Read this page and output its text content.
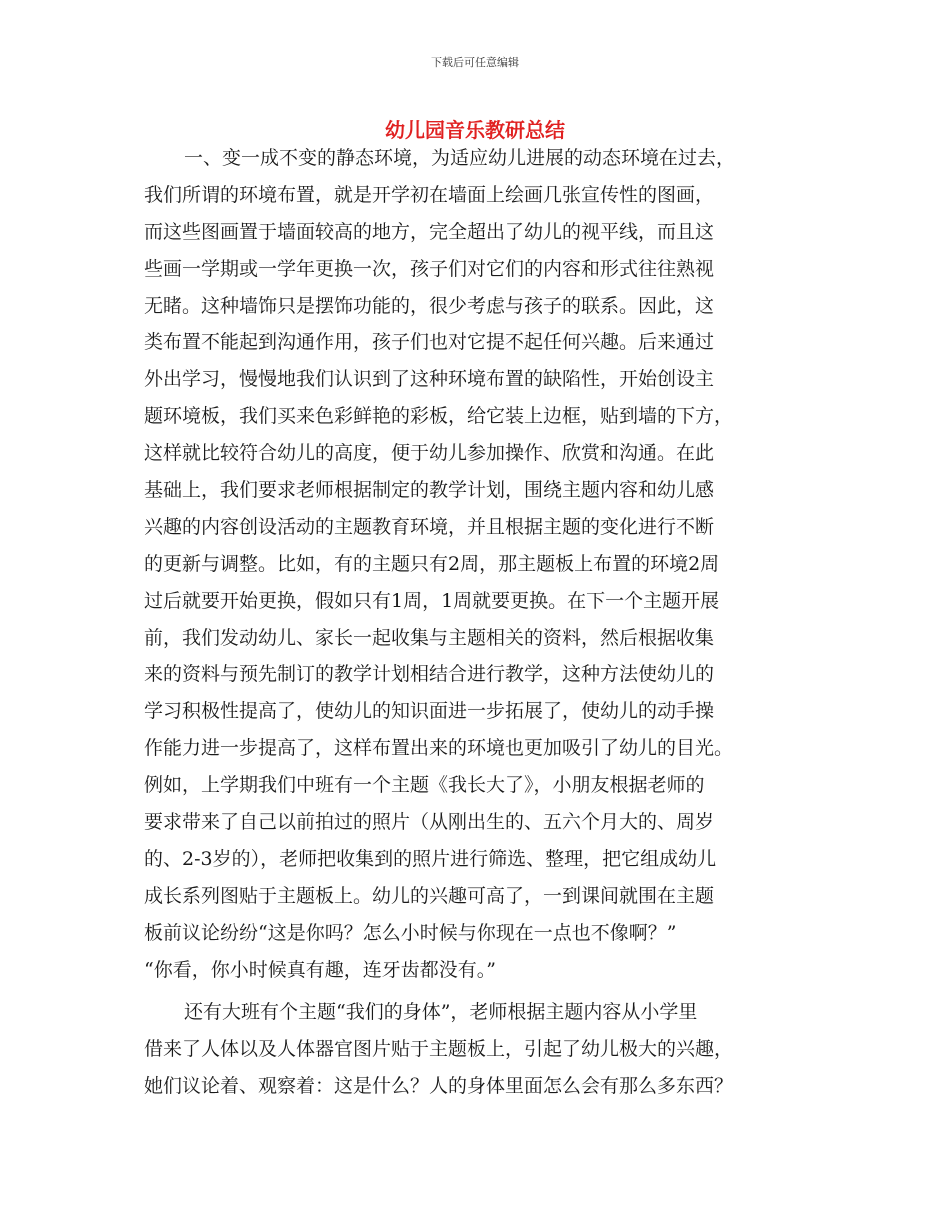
下载后可任意编辑
幼儿园音乐教研总结
一、变一成不变的静态环境，为适应幼儿进展的动态环境在过去，
我们所谓的环境布置，就是开学初在墙面上绘画几张宣传性的图画，
而这些图画置于墙面较高的地方，完全超出了幼儿的视平线，而且这
些画一学期或一学年更换一次，孩子们对它们的内容和形式往往熟视
无睹。这种墙饰只是摆饰功能的，很少考虑与孩子的联系。因此，这
类布置不能起到沟通作用，孩子们也对它提不起任何兴趣。后来通过
外出学习，慢慢地我们认识到了这种环境布置的缺陷性，开始创设主
题环境板，我们买来色彩鲜艳的彩板，给它装上边框，贴到墙的下方，
这样就比较符合幼儿的高度，便于幼儿参加操作、欣赏和沟通。在此
基础上，我们要求老师根据制定的教学计划，围绕主题内容和幼儿感
兴趣的内容创设活动的主题教育环境，并且根据主题的变化进行不断
的更新与调整。比如，有的主题只有2周，那主题板上布置的环境2周
过后就要开始更换，假如只有1周，1周就要更换。在下一个主题开展
前，我们发动幼儿、家长一起收集与主题相关的资料，然后根据收集
来的资料与预先制订的教学计划相结合进行教学，这种方法使幼儿的
学习积极性提高了，使幼儿的知识面进一步拓展了，使幼儿的动手操
作能力进一步提高了，这样布置出来的环境也更加吸引了幼儿的目光。
例如，上学期我们中班有一个主题《我长大了》，小朋友根据老师的
要求带来了自己以前拍过的照片（从刚出生的、五六个月大的、周岁
的、2-3岁的），老师把收集到的照片进行筛选、整理，把它组成幼儿
成长系列图贴于主题板上。幼儿的兴趣可高了，一到课间就围在主题
板前议论纷纷“这是你吗？怎么小时候与你现在一点也不像啊？”
“你看，你小时候真有趣，连牙齿都没有。”
还有大班有个主题“我们的身体”，老师根据主题内容从小学里
借来了人体以及人体器官图片贴于主题板上，引起了幼儿极大的兴趣，
她们议论着、观察着：这是什么？人的身体里面怎么会有那么多东西？
